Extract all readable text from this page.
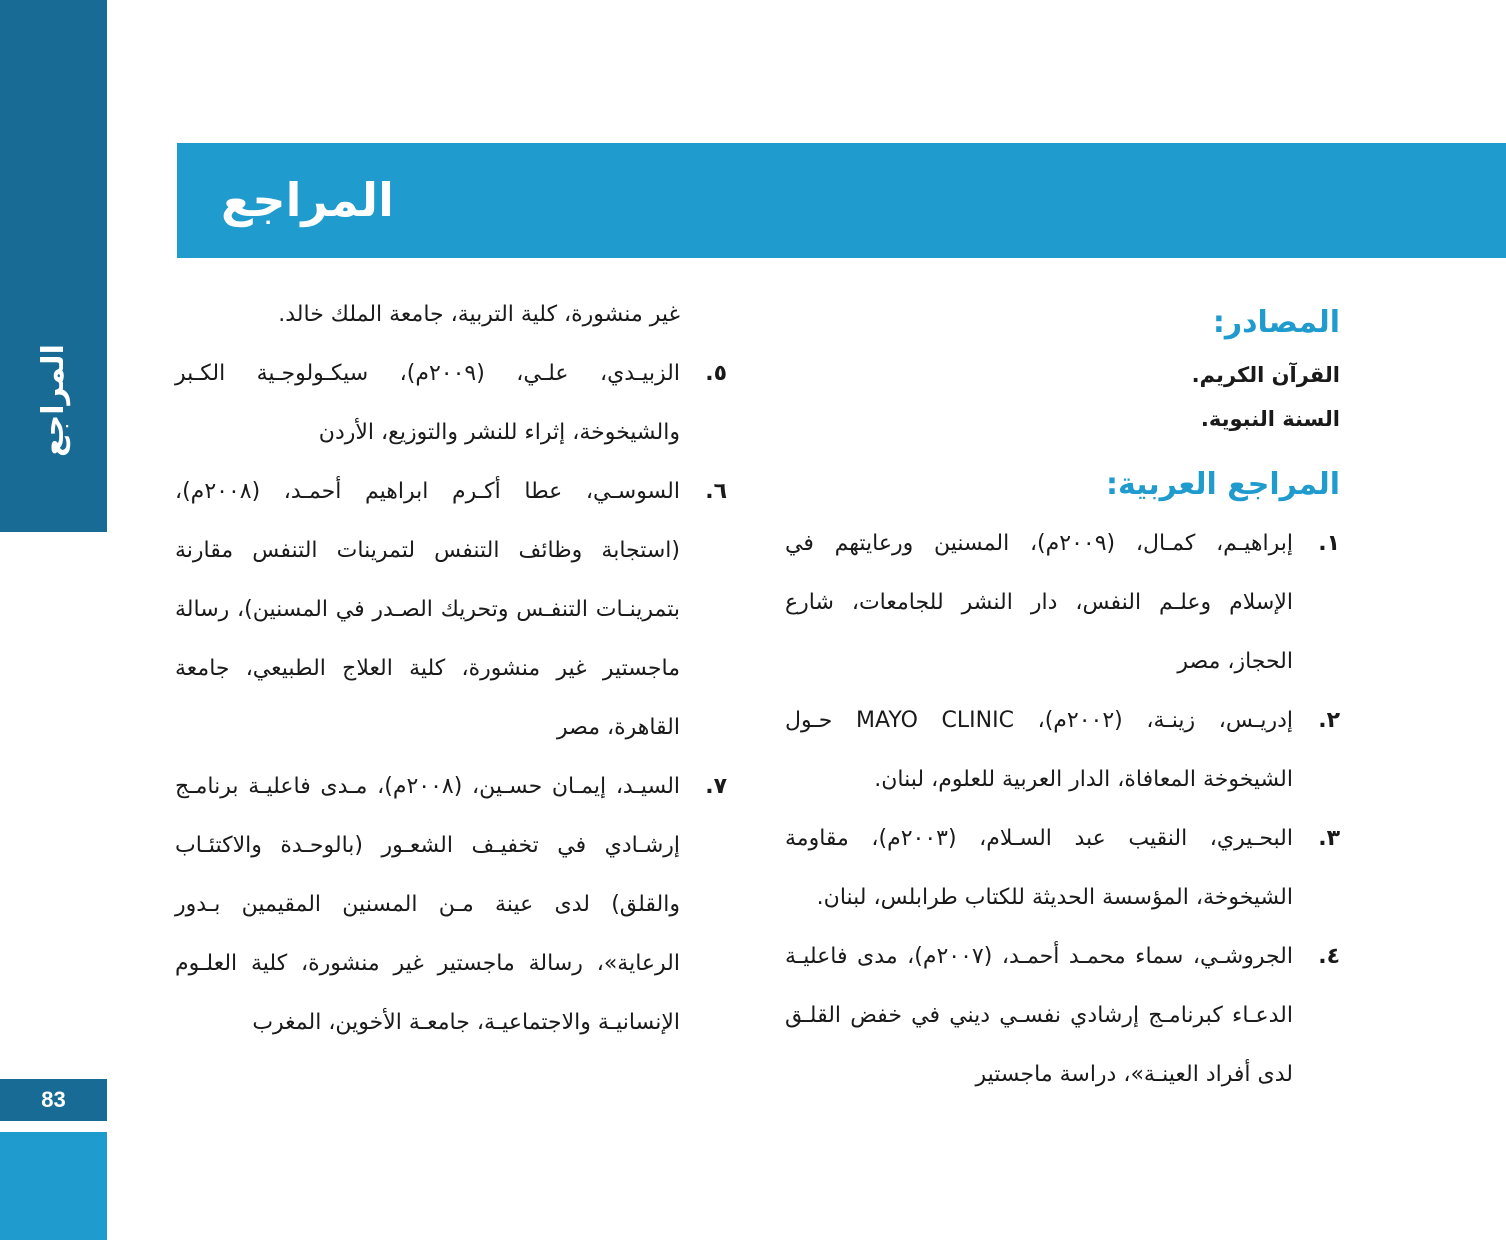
المراجع
83
المراجع
المصادر:
القرآن الكريم.
السنة النبوية.
المراجع العربية:
١.
إبراهيـم، كمـال، (٢٠٠٩م)، المسنين ورعايتهم في الإسلام وعلـم النفس، دار النشر للجامعات، شارع الحجاز، مصر
٢.
إدريـس، زينـة، (٢٠٠٢م)، MAYO CLINIC حـول الشيخوخة المعافاة، الدار العربية للعلوم، لبنان.
٣.
البحـيري، النقيب عبد السـلام، (٢٠٠٣م)، مقاومة الشيخوخة، المؤسسة الحديثة للكتاب طرابلس، لبنان.
٤.
الجروشـي، سماء محمـد أحمـد، (٢٠٠٧م)، مدى فاعليـة الدعـاء كبرنامـج إرشادي نفسـي ديني في خفض القلـق لدى أفراد العينـة»، دراسة ماجستير
غير منشورة، كلية التربية، جامعة الملك خالد.
٥.
الزبيـدي، علـي، (٢٠٠٩م)، سيكـولوجـية الكـبر والشيخوخة، إثراء للنشر والتوزيع، الأردن
٦.
السوسـي، عطا أكـرم ابراهيم أحمـد، (٢٠٠٨م)، (استجابة وظائف التنفس لتمرينات التنفس مقارنة بتمرينـات التنفـس وتحريك الصـدر في المسنين)، رسالة ماجستير غير منشورة، كلية العلاج الطبيعي، جامعة القاهرة، مصر
٧.
السيـد، إيمـان حسـين، (٢٠٠٨م)، مـدى فاعليـة برنامـج إرشـادي في تخفيـف الشعـور (بالوحـدة والاكتئـاب والقلق) لدى عينة مـن المسنين المقيمين بـدور الرعاية»، رسالة ماجستير غير منشورة، كلية العلـوم الإنسانيـة والاجتماعيـة، جامعـة الأخوين، المغرب
